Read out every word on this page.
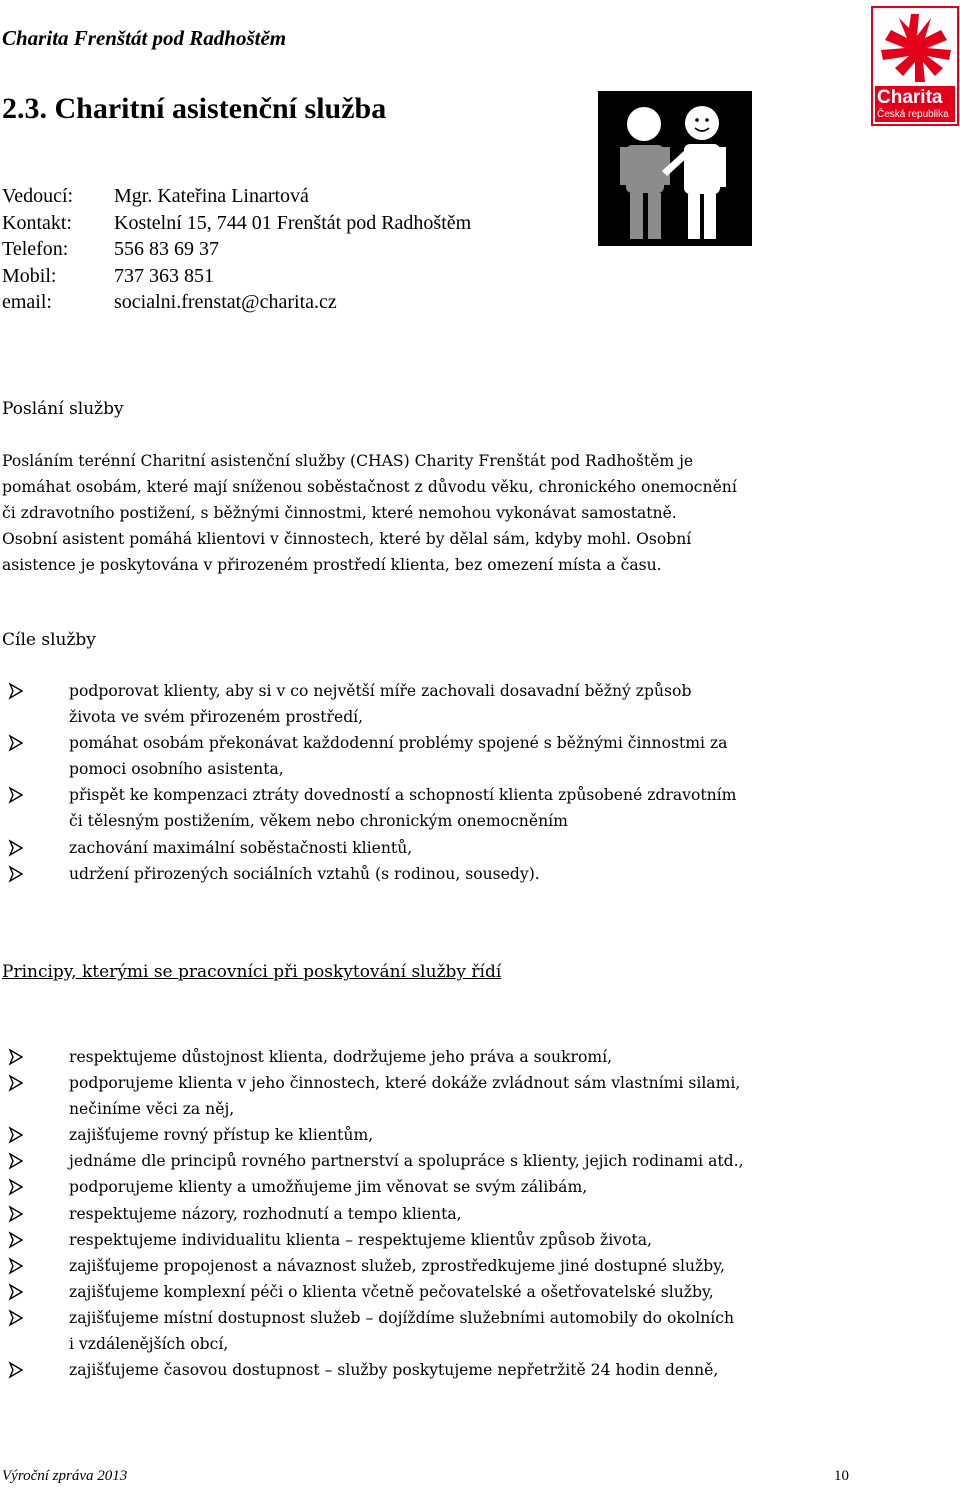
Charita Frenštát pod Radhoštěm
2.3. Charitní asistenční služba	Charita
Česká republika
Vedoucí: Mgr. Kateřina Linartová
Kontakt: Kostelní 15, 744 01 Frenštát pod Radhoštěm
Telefon: 556 83 69 37
Mobil:	737 363 851
email:	socialni.frenstat@charita.cz
Poslání služby
Posláním terénní Charitní asistenční služby (CHAS) Charity Frenštát pod Radhoštěm je
pomáhat osobám, které mají sníženou soběstačnost z důvodu věku, chronického onemocnění
či zdravotního postižení, s běžnými činnostmi, které nemohou vykonávat samostatně.
Osobní asistent pomáhá klientovi v činnostech, které by dělal sám, kdyby mohl. Osobní
asistence je poskytována v přirozeném prostředí klienta, bez omezení místa a času.
Cíle služby
podporovat klienty, aby si v co největší míře zachovali dosavadní běžný způsob
života ve svém přirozeném prostředí,
pomáhat osobám překonávat každodenní problémy spojené s běžnými činnostmi za
pomoci osobního asistenta,
přispět ke kompenzaci ztráty dovedností a schopností klienta způsobené zdravotním
či tělesným postižením, věkem nebo chronickým onemocněním
zachování maximální soběstačnosti klientů,
udržení přirozených sociálních vztahů (s rodinou, sousedy).
Principy, kterými se pracovníci při poskytování služby řídí
respektujeme důstojnost klienta, dodržujeme jeho práva a soukromí,
podporujeme klienta v jeho činnostech, které dokáže zvládnout sám vlastními silami,
nečiníme věci za něj,
zajišťujeme rovný přístup ke klientům,
jednáme dle principů rovného partnerství a spolupráce s klienty, jejich rodinami atd.,
podporujeme klienty a umožňujeme jim věnovat se svým zálibám,
respektujeme názory, rozhodnutí a tempo klienta,
respektujeme individualitu klienta – respektujeme klientův způsob života,
zajišťujeme propojenost a návaznost služeb, zprostředkujeme jiné dostupné služby,
zajišťujeme komplexní péči o klienta včetně pečovatelské a ošetřovatelské služby,
zajišťujeme místní dostupnost služeb – dojíždíme služebními automobily do okolních
i vzdálenějších obcí,
zajišťujeme časovou dostupnost – služby poskytujeme nepřetržitě 24 hodin denně,
Výroční zpráva 2013	10
